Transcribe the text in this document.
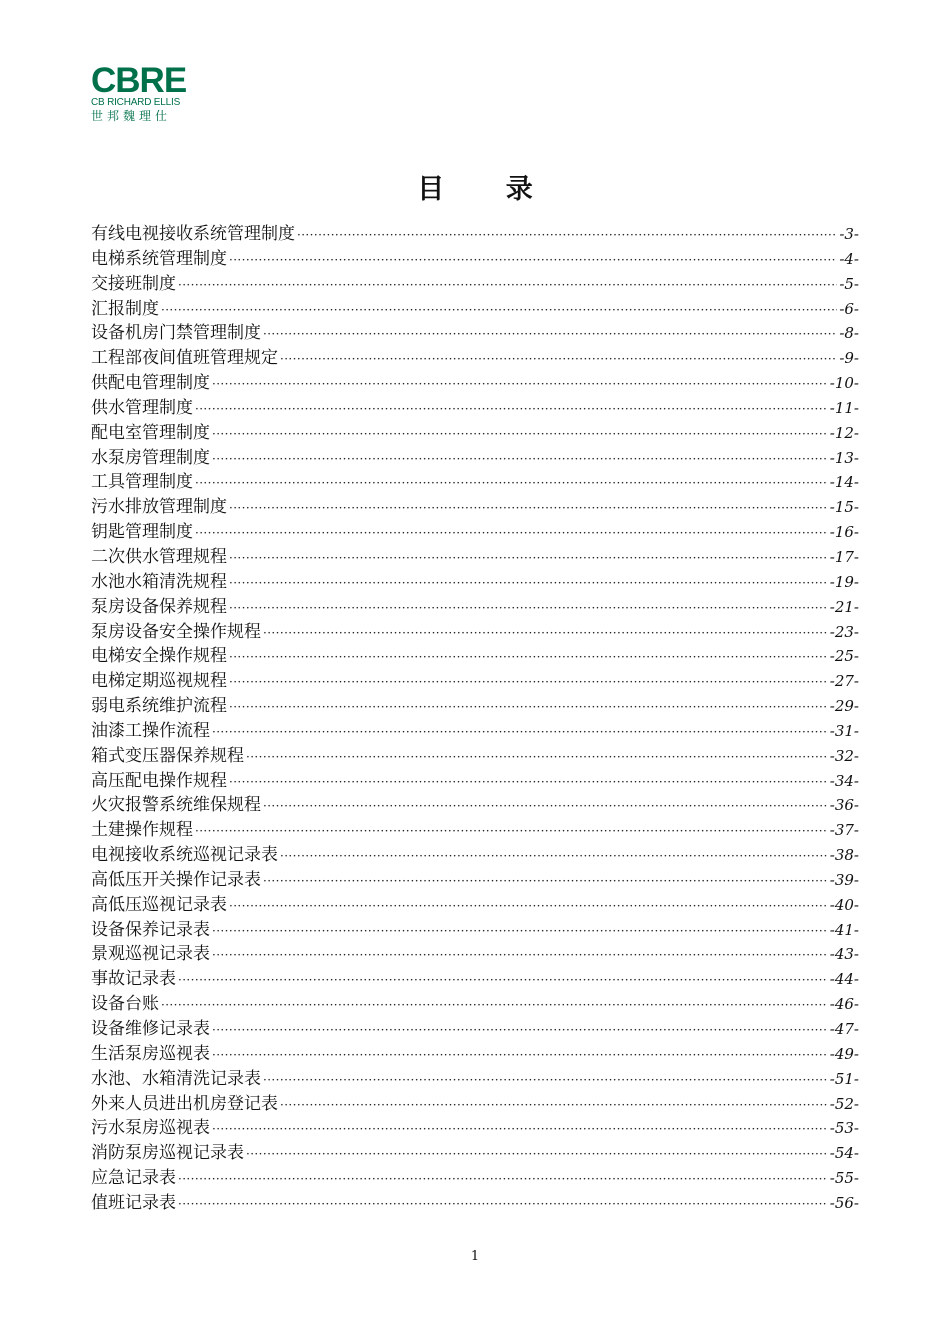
CBRE
CB RICHARD ELLIS
世邦魏理仕
目 录
有线电视接收系统管理制度 ·····	-3-
电梯系统管理制度 ·····	-4-
交接班制度 ·····	-5-
汇报制度 ·····	-6-
设备机房门禁管理制度 ·····	-8-
工程部夜间值班管理规定 ·····	-9-
供配电管理制度 ·····	-10-
供水管理制度 ·····	-11-
配电室管理制度 ·····	-12-
水泵房管理制度 ·····	-13-
工具管理制度 ·····	-14-
污水排放管理制度 ·····	-15-
钥匙管理制度 ·····	-16-
二次供水管理规程 ·····	-17-
水池水箱清洗规程 ·····	-19-
泵房设备保养规程 ·····	-21-
泵房设备安全操作规程 ·····	-23-
电梯安全操作规程 ·····	-25-
电梯定期巡视规程 ·····	-27-
弱电系统维护流程 ·····	-29-
油漆工操作流程 ·····	-31-
箱式变压器保养规程 ·····	-32-
高压配电操作规程 ·····	-34-
火灾报警系统维保规程 ·····	-36-
土建操作规程 ·····	-37-
电视接收系统巡视记录表 ·····	-38-
高低压开关操作记录表 ·····	-39-
高低压巡视记录表 ·····	-40-
设备保养记录表 ·····	-41-
景观巡视记录表 ·····	-43-
事故记录表 ·····	-44-
设备台账 ·····	-46-
设备维修记录表 ·····	-47-
生活泵房巡视表 ·····	-49-
水池、水箱清洗记录表 ·····	-51-
外来人员进出机房登记表 ·····	-52-
污水泵房巡视表 ·····	-53-
消防泵房巡视记录表 ·····	-54-
应急记录表 ·····	-55-
值班记录表 ·····	-56-
1
